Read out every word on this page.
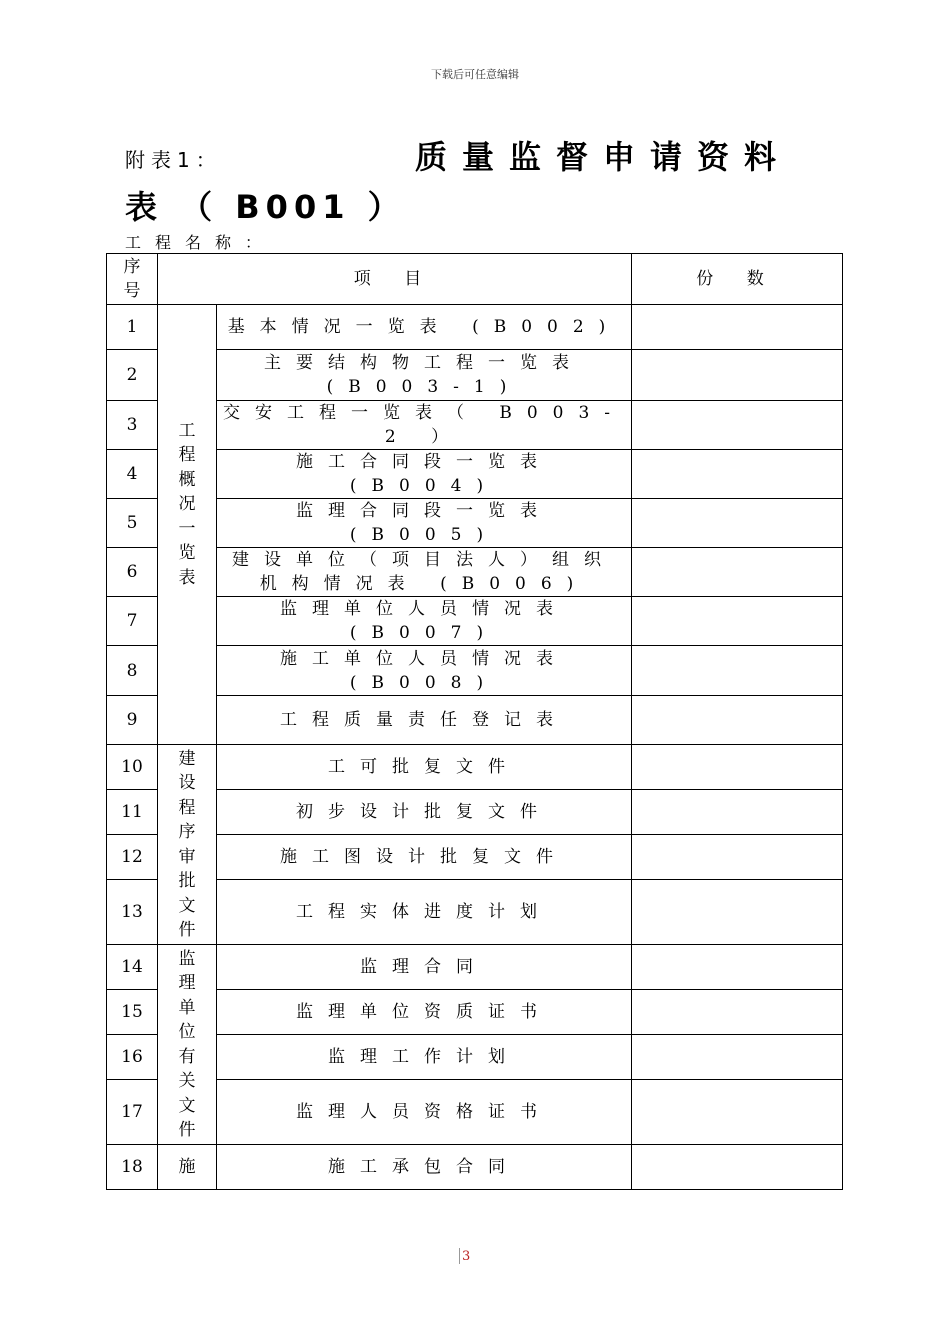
下载后可任意编辑
附表1：	质量监督申请资料
表 （ B001 ）
工程名称：
序号	项 目		份 数
1	工程概况一览表	基本情况一览表 (B002)	
2		主要结构物工程一览表 (B003-1)	
3		交安工程一览表（ B003-2 ）	
4		施工合同段一览表 (B004)	
5		监理合同段一览表 (B005)	
6		建设单位（项目法人）组织机构情况表 (B006)	
7		监理单位人员情况表 (B007)	
8		施工单位人员情况表 (B008)	
9		工程质量责任登记表	
10	建设程序审批文件	工可批复文件	
11		初步设计批复文件	
12		施工图设计批复文件	
13		工程实体进度计划	
14	监理单位有关文件	监理合同	
15		监理单位资质证书	
16		监理工作计划	
17		监理人员资格证书	
18	施	施工承包合同	
3
